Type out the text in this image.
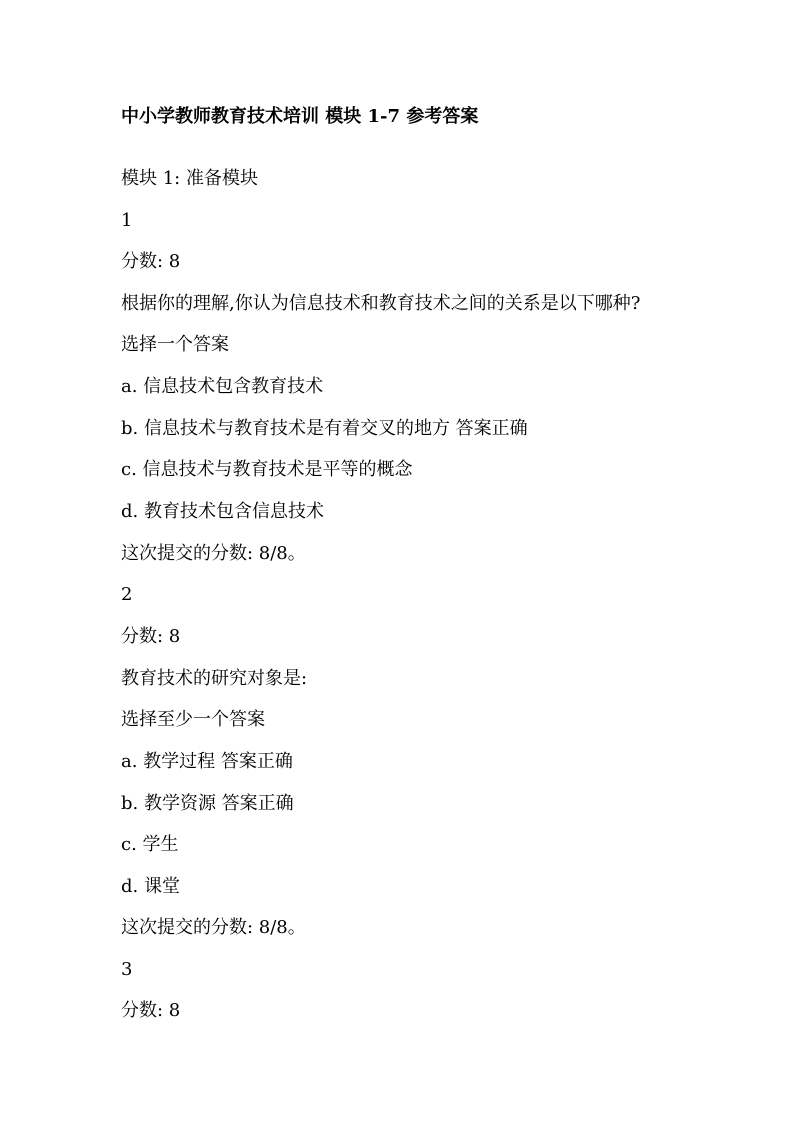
中小学教师教育技术培训 模块 1-7 参考答案
模块 1: 准备模块
1
分数: 8
根据你的理解,你认为信息技术和教育技术之间的关系是以下哪种?
选择一个答案
a. 信息技术包含教育技术
b. 信息技术与教育技术是有着交叉的地方 答案正确
c. 信息技术与教育技术是平等的概念
d. 教育技术包含信息技术
这次提交的分数: 8/8。
2
分数: 8
教育技术的研究对象是:
选择至少一个答案
a. 教学过程 答案正确
b. 教学资源 答案正确
c. 学生
d. 课堂
这次提交的分数: 8/8。
3
分数: 8
